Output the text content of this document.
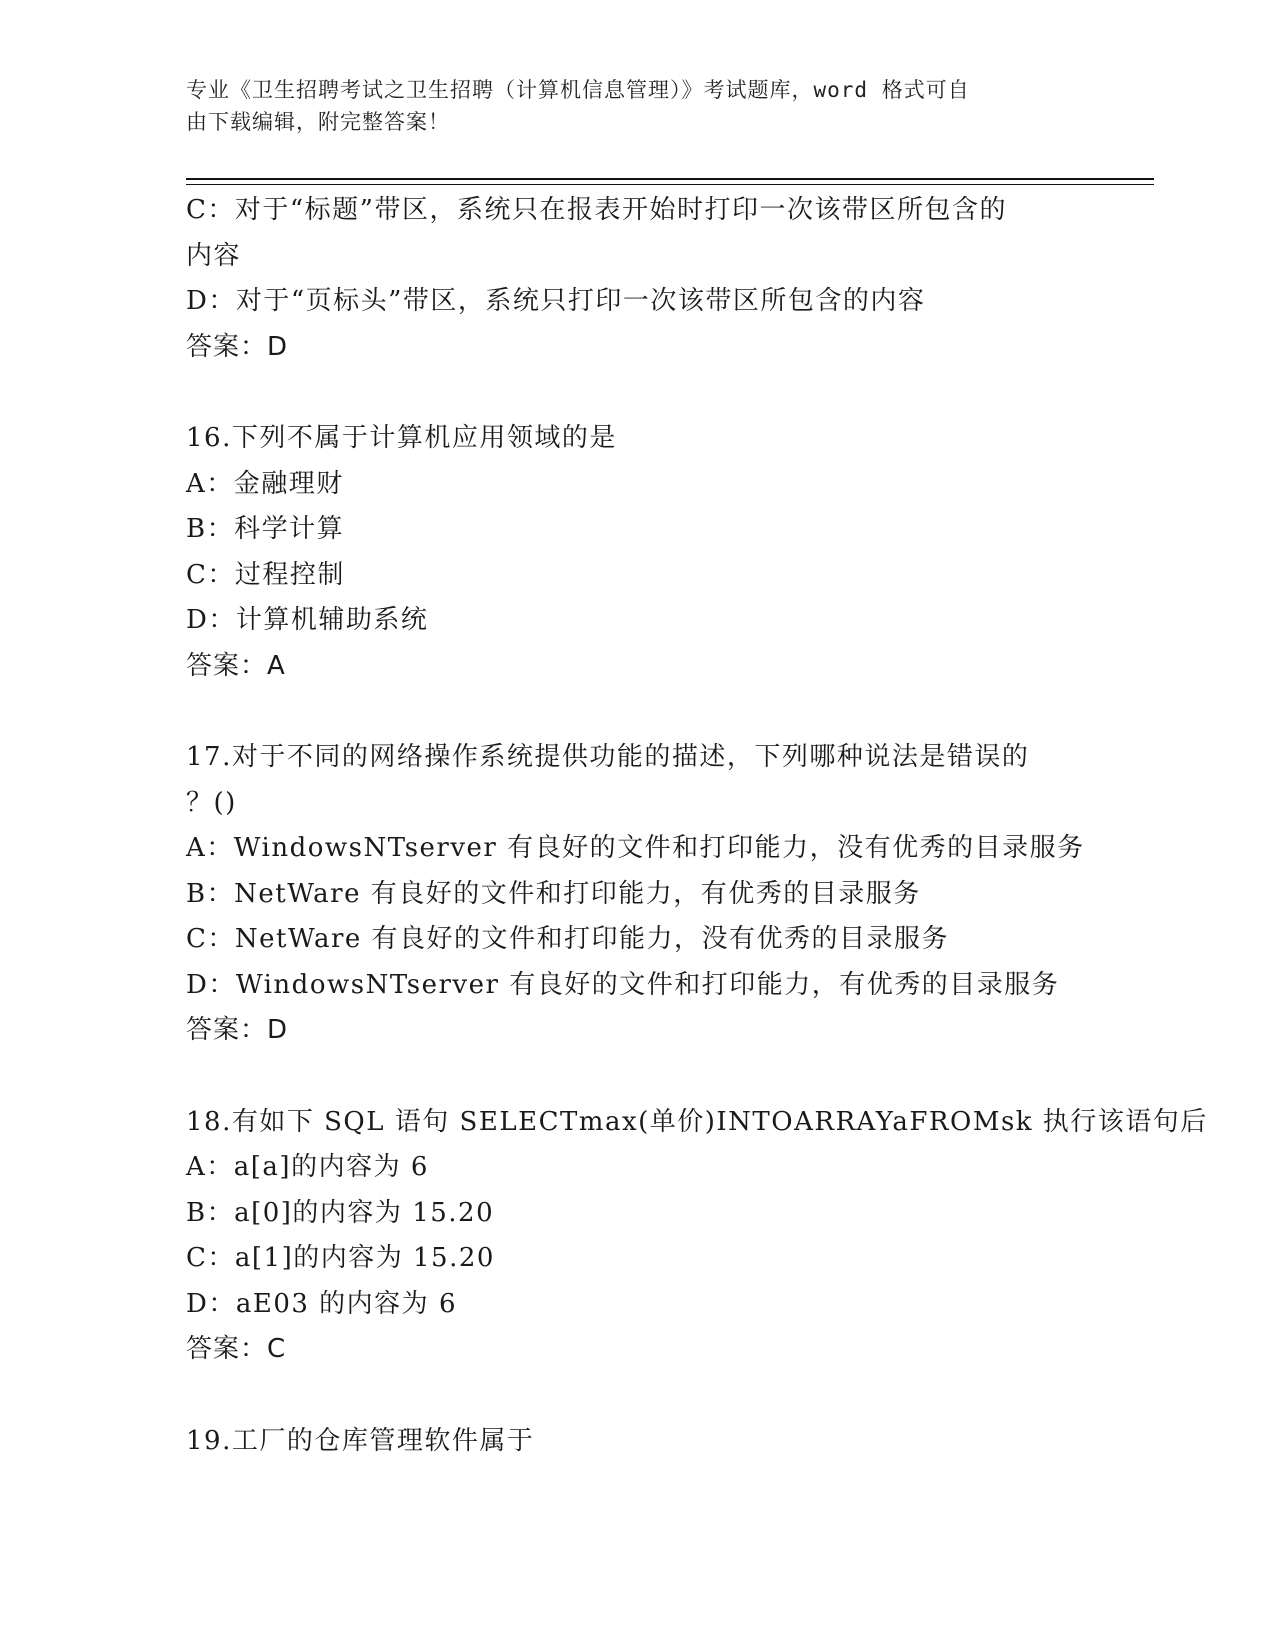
专业《卫生招聘考试之卫生招聘（计算机信息管理）》考试题库，word 格式可自
由下载编辑，附完整答案！
C：对于“标题”带区，系统只在报表开始时打印一次该带区所包含的
内容
D：对于“页标头”带区，系统只打印一次该带区所包含的内容
答案：D
16.下列不属于计算机应用领域的是
A：金融理财
B：科学计算
C：过程控制
D：计算机辅助系统
答案：A
17.对于不同的网络操作系统提供功能的描述，下列哪种说法是错误的
？()
A：WindowsNTserver 有良好的文件和打印能力，没有优秀的目录服务
B：NetWare 有良好的文件和打印能力，有优秀的目录服务
C：NetWare 有良好的文件和打印能力，没有优秀的目录服务
D：WindowsNTserver 有良好的文件和打印能力，有优秀的目录服务
答案：D
18.有如下 SQL 语句 SELECTmax(单价)INTOARRAYaFROMsk 执行该语句后
A：a[a]的内容为 6
B：a[0]的内容为 15.20
C：a[1]的内容为 15.20
D：aE03 的内容为 6
答案：C
19.工厂的仓库管理软件属于
